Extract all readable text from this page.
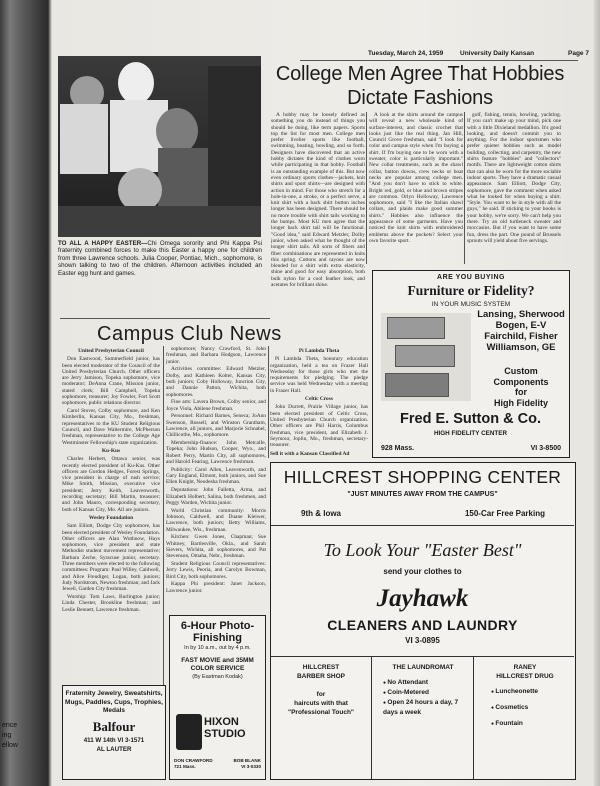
ence
ing
ellow
Tuesday, March 24, 1959	University Daily Kansan	Page 7
TO ALL A HAPPY EASTER—Chi Omega sorority and Phi Kappa Psi fraternity combined forces to make this Easter a happy one for children from three Lawrence schools. Julia Cooper, Pontiac, Mich., sophomore, is shown talking to two of the children. Afternoon activities included an Easter egg hunt and games.
College Men Agree That Hobbies Dictate Fashions

A hobby may be loosely defined as something you do instead of things you should be doing, like term papers. Sports top the list for most men. College men prefer livelier sports like football, swimming, boating, bowling, and so forth. Designers have discovered that an active hobby dictates the kind of clothes worn while participating in that hobby. Football is an outstanding example of this. But now even ordinary sports clothes—jackets, knit shirts and sport shirts—are designed with action in mind. For those who stretch for a hole-in-one, a stroke, or a perfect serve, a knit shirt with a back shirt button inches longer has been designed. There should be no more trouble with shirt tails working to the bumps. Most KU men agree that the longer back shirt tail will be functional. "Good idea," said Edward Metzler, Dolby junior, when asked what he thought of the longer shirt tails. All sorts of fibers and fiber combinations are represented in knits this spring. Cottons and rayons are now blended for a shirt with extra elasticity, shine and good for easy absorption, both bulk nylon for a cool feather look, and acetates for brilliant shine.

A look at the shirts around the campus will reveal a new wholesale kind of surface-interest, and classic crochet that looks just like the real thing. Jan Hill, Council Grove freshman, said "I look for color and campus style when I'm buying a shirt. If I'm buying one to be worn with a sweater, color is particularly important." New collar treatments, such as the shawl collar, button downs, crew necks or boat necks are popular among college men. "And you don't have to stick to white. Bright red, gold, or blue and brown stripes are common. Orlyn Holloway, Lawrence sophomore, said "I like the Italian shawl collars, and plaids make good summer shirts." Hobbies also influence the appearance of some garments. Have you noticed the knit shirts with embroidered emblems above the pockets? Select your own favorite sport.

golf, fishing, tennis, bowling, yachting. If you can't make up your mind, pick one with a little Dixieland medallion. It's good looking, and doesn't commit you to anything. For the indoor sportsmen who prefer quieter hobbies such as model building, collecting, and carpentry, the new shirts feature "hobbies" and "collectors" motifs. There are lightweight cotton shirts that can also be worn for the more sociable indoor sports. They have a dramatic casual appearance. Sam Elliott, Dodge City, sophomore, gave the comment when asked what he looked for when buying a shirt. "Style. You want to be in style with all the guys," he said. If sticking to your books is your hobby, we're sorry. We can't help you there. Try an old turtleneck sweater and moccasins. But if you want to have some fun, dress the part. One pound of Brussels sprouts will yield about five servings.

Campus Club News
United Presbyterian Council

Don Eastwood, Summerfield junior, has been elected moderator of the Council of the United Presbyterian Church. Other officers are Jerry Jamison, Topeka sophomore, vice moderator; DeAnna Crane, Mission junior, stated clerk; Bill Campbell, Topeka sophomore, treasurer; Joy Fowler, Fort Scott sophomore, public relations director.

Carol Stover, Colby sophomore, and Ken Kimberlin, Kansas City, Mo., freshman, representatives to the KU Student Religious Council, and Dave Waltermire, McPherson freshman, representative to the College Age Westminster Fellowship's state organization.

Ku-Kus

Charles Herbert, Ottawa senior, was recently elected president of Ku-Kus. Other officers are Gordon Hedges, Forest Springs, vice president in charge of rush service; Mike Smith, Mission, executive vice president; Jerry Keith, Leavenworth, recording secretary; Bill Martin, treasurer; and John Mauro, corresponding secretary, both of Kansas City, Mo. All are juniors.

Wesley Foundation

Sam Elliott, Dodge City sophomore, has been elected president of Wesley Foundation. Other officers are Alan Wuthnow, Hays sophomore, vice president and state Methodist student movement representative; Barbara Zeche, Syracuse junior, secretary. Three members were elected to the following committees: Program: Paul Willey, Caldwell, and Alice Freudiger, Logan, both juniors; Judy Nordstrom, Newton freshman; and Jack Jewell, Garden City freshman.

Worship: Tom Laws, Burlington junior; Linda Chester, Brookline freshman; and Leslie Bennett, Lawrence freshman.

sophomore; Nancy Crawford, St. John freshman, and Barbara Hodgson, Lawrence junior.

Activities committee: Edward Metzler, Dolby, and Kathleen Kolter, Kansas City, both juniors; Coby Holloway, Junction City, and Dannie Patton, Wichita, both sophomores.

Fine arts: Lavera Brown, Colby senior, and Joyce Viola, Abilene freshman.

Personnel: Richard Barnes, Seneca; JoAnn Swenson, Russell, and Winston Grantham, Lawrence, all juniors, and Marjorie Schnabel, Chillicothe, Mo., sophomore.

Membership-finance: John Metcalfe, Topeka; John Hudson, Cooper, Wyo., and Robert Perry, Martin City, all sophomores, and Harold Fearing, Lawrence freshman.

Publicity: Carol Allen, Leavenworth, and Gary England, Elmont, both juniors, and Sue Ellen Knight, Neodesha freshman.

Deputations: John Fallettа, Arma, and Elizabeth Holbert, Salina, both freshmen, and Peggy Warden, Wichita junior.

World Christian community: Morris Johnson, Caldwell, and Duane Kleiwer, Lawrence, both juniors; Betty Williams, Milwaukee, Wis., freshman.

Kitchen: Gwen Jones, Chapman; Sue Whitney, Bartlesville, Okla., and Sarah Sievers, Wichita, all sophomores, and Pat Stevenson, Omaha, Nebr., freshman.

Student Religious Council representatives: Jerry Lewis, Peoria, and Carolyn Bowman, Bird City, both sophomores.

Kappa Phi president: Janet Jackson, Lawrence junior.

Pi Lambda Theta

Pi Lambda Theta, honorary education organization, held a tea on Frazer Hall Wednesday for those girls who met the requirements for pledging. The pledge service was held Wednesday with a meeting in Frazer Hall.

Celtic Cross

John Durrett, Prairie Village junior, has been elected president of Celtic Cross, United Presbyterian Church organization. Other officers are Phil Harris, Columbus freshman, vice president, and Elizabeth J. Seymour, Joplin, Mo., freshman, secretary-treasurer.

Sell it with a Kansan Classified Ad
ARE YOU BUYING
Furniture or Fidelity?
IN YOUR MUSIC SYSTEM
Lansing, Sherwood
Bogen, E-V
Fairchild, Fisher
Williamson, GE
Custom
Components
for
High Fidelity
Fred E. Sutton & Co.
HIGH FIDELITY CENTER
928 Mass.	VI 3-8500
HILLCREST SHOPPING CENTER
"JUST MINUTES AWAY FROM THE CAMPUS"
9th & Iowa	150-Car Free Parking
To Look Your "Easter Best"
send your clothes to
Jayhawk
CLEANERS AND LAUNDRY
VI 3-0895
HILLCREST
BARBER SHOP
for
haircuts with that
"Professional Touch"
THE LAUNDROMAT
● No Attendant
● Coin-Metered
● Open 24 hours a day, 7 days a week
RANEY
HILLCREST DRUG
● Luncheonette
● Cosmetics
● Fountain
Fraternity Jewelry, Sweatshirts, Mugs, Paddles, Cups, Trophies, Medals
Balfour
411 W 14th VI 3-1571
AL LAUTER
6-Hour Photo-Finishing
In by 10 a.m., out by 4 p.m.
FAST MOVIE and 35MM COLOR SERVICE
(By Eastman Kodak)
HIXON STUDIO
DON CRAWFORD
721 Mass.
BOB BLANK
VI 3-0330
